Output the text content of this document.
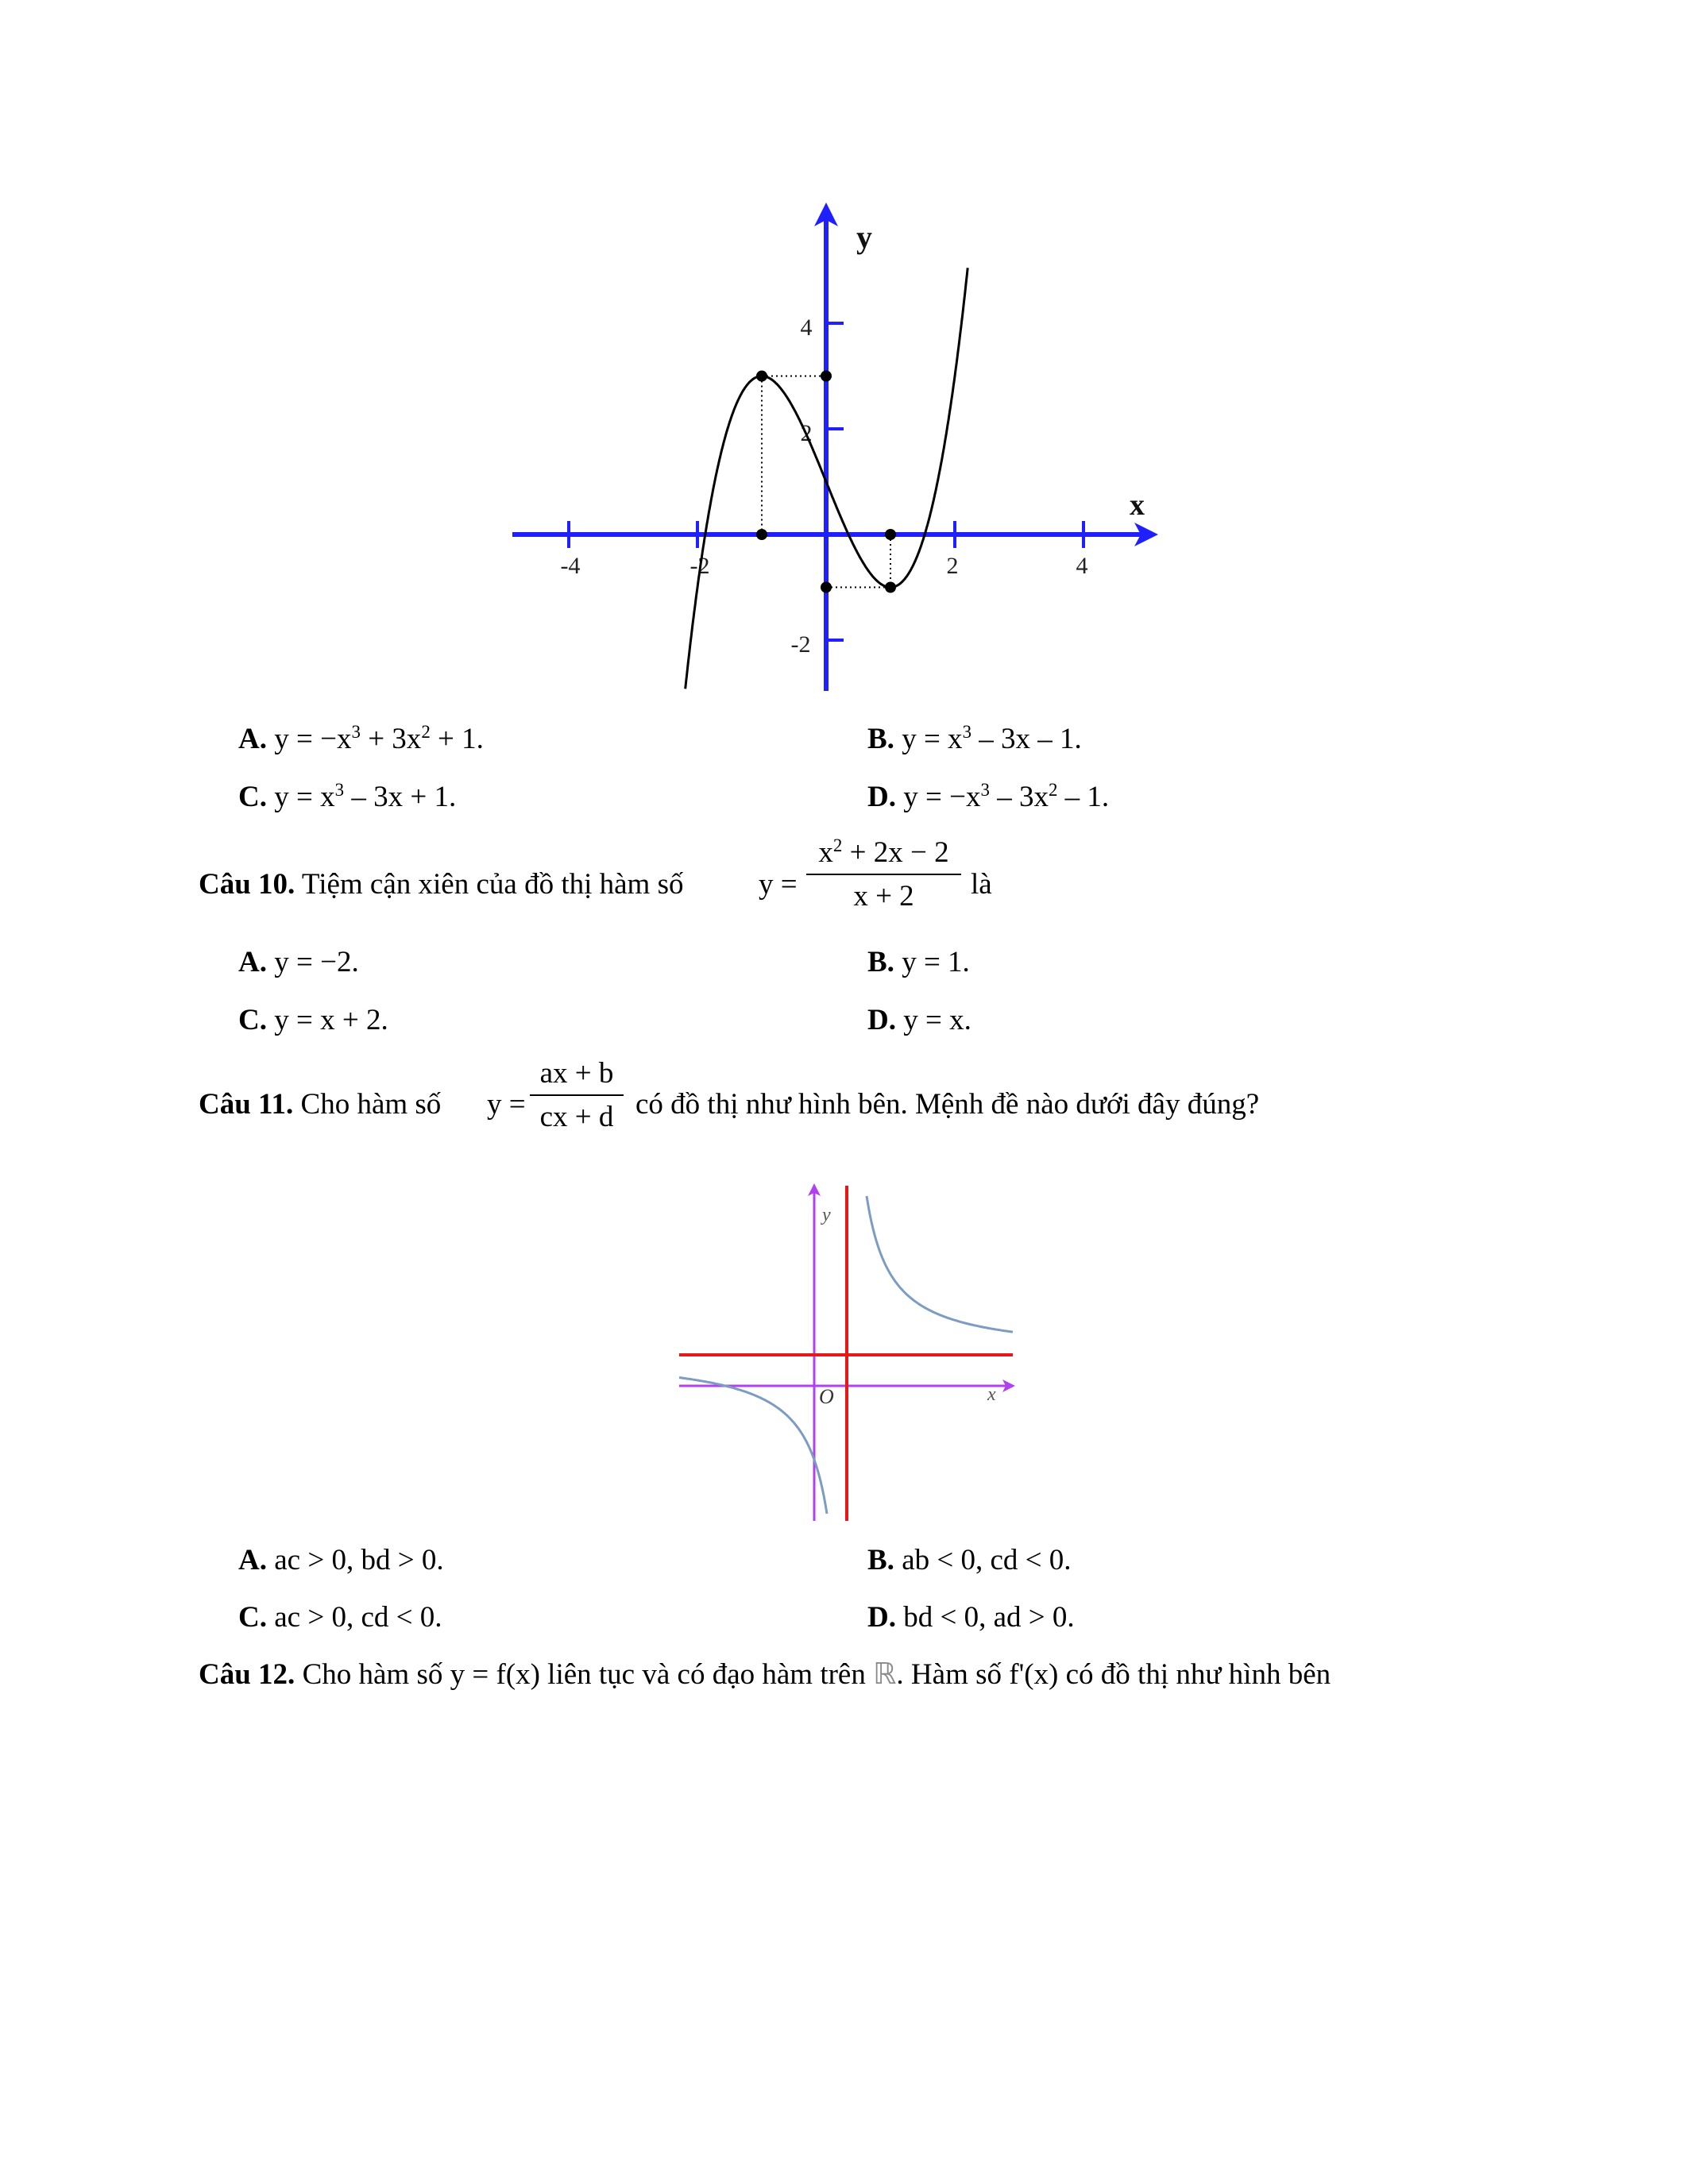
-4	-2	2	4
4
2
-2
x
y
A. $y = -x^3 + 3x^2 + 1$.	B. $y = x^3 - 3x - 1$.
C. $y = x^3 - 3x + 1$.	D. $y = -x^3 - 3x^2 - 1$.
Câu 10. Tiệm cận xiên của đồ thị hàm số	$y = \frac{x^2 + 2x - 2}{x + 2}$ là
A. y = −2.	B. y = 1.
C. y = x + 2.	D. y = x.
Câu 11. Cho hàm số $y = \frac{ax + b}{cx + d}$ có đồ thị như hình bên. Mệnh đề nào dưới đây đúng?
y
x
O
A. ac > 0, bd > 0.	B. ab < 0, cd < 0.
C. ac > 0, cd < 0.	D. bd < 0, ad > 0.
Câu 12. Cho hàm số y = f(x) liên tục và có đạo hàm trên ℝ. Hàm số f'(x) có đồ thị như hình bên
